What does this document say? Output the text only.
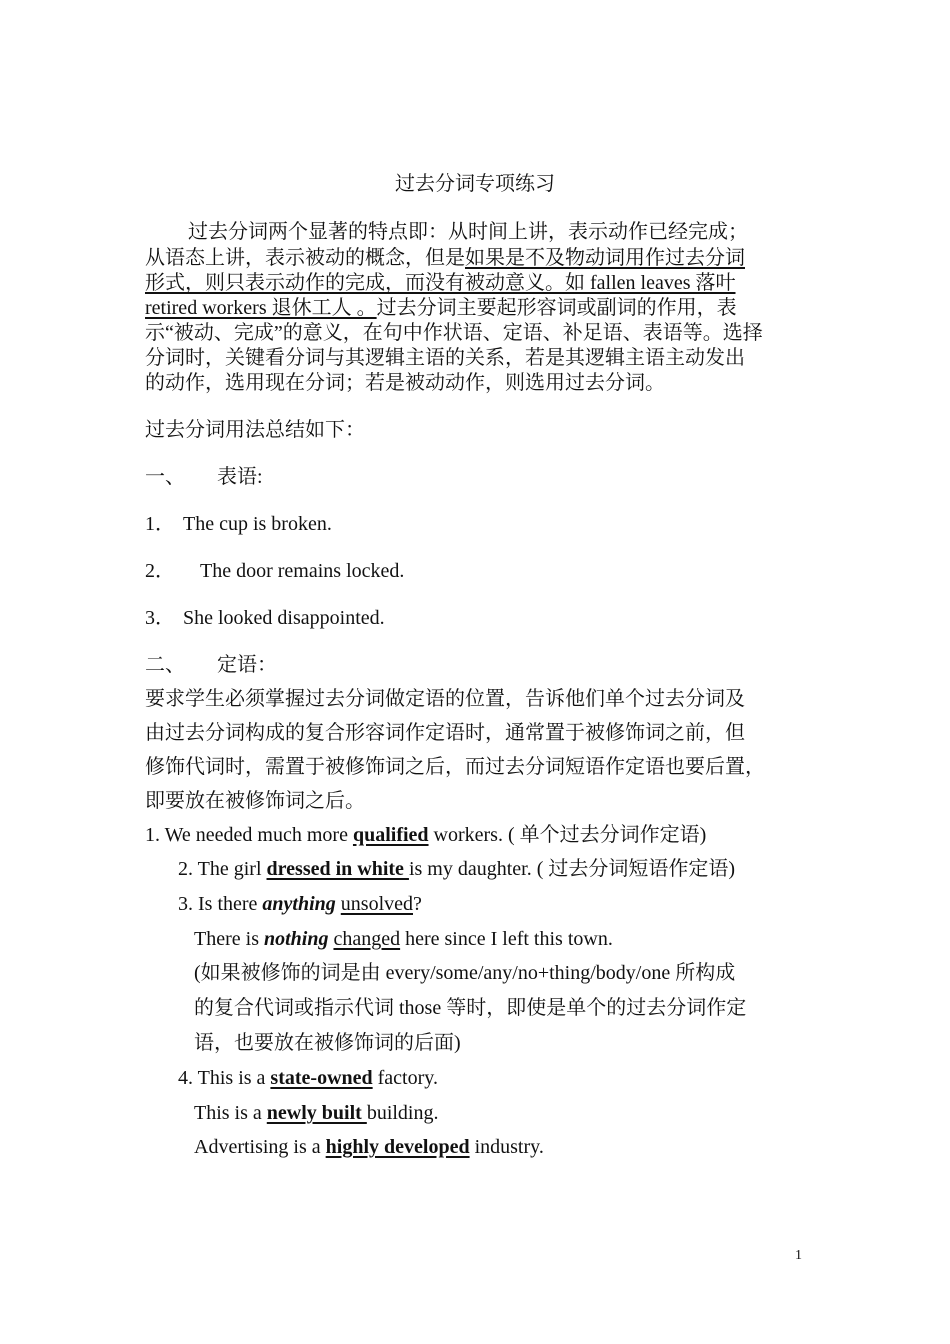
过去分词专项练习
过去分词两个显著的特点即：从时间上讲，表示动作已经完成；
从语态上讲，表示被动的概念，但是如果是不及物动词用作过去分词
形式，则只表示动作的完成，而没有被动意义。如 fallen leaves 落叶
retired workers 退休工人 。过去分词主要起形容词或副词的作用，表
示“被动、完成”的意义，在句中作状语、定语、补足语、表语等。选择
分词时，关键看分词与其逻辑主语的关系，若是其逻辑主语主动发出
的动作，选用现在分词；若是被动动作，则选用过去分词。
过去分词用法总结如下：
一、 表语:
1． The cup is broken.
2． The door remains locked.
3． She looked disappointed.
二、 定语：
要求学生必须掌握过去分词做定语的位置，告诉他们单个过去分词及
由过去分词构成的复合形容词作定语时，通常置于被修饰词之前，但
修饰代词时，需置于被修饰词之后，而过去分词短语作定语也要后置，
即要放在被修饰词之后。
1. We needed much more qualified workers. ( 单个过去分词作定语)
2. The girl dressed in white is my daughter. ( 过去分词短语作定语)
3. Is there anything unsolved?
There is nothing changed here since I left this town.
(如果被修饰的词是由 every/some/any/no+thing/body/one 所构成
的复合代词或指示代词 those 等时，即使是单个的过去分词作定
语，也要放在被修饰词的后面)
4. This is a state-owned factory.
This is a newly built building.
Advertising is a highly developed industry.
1
